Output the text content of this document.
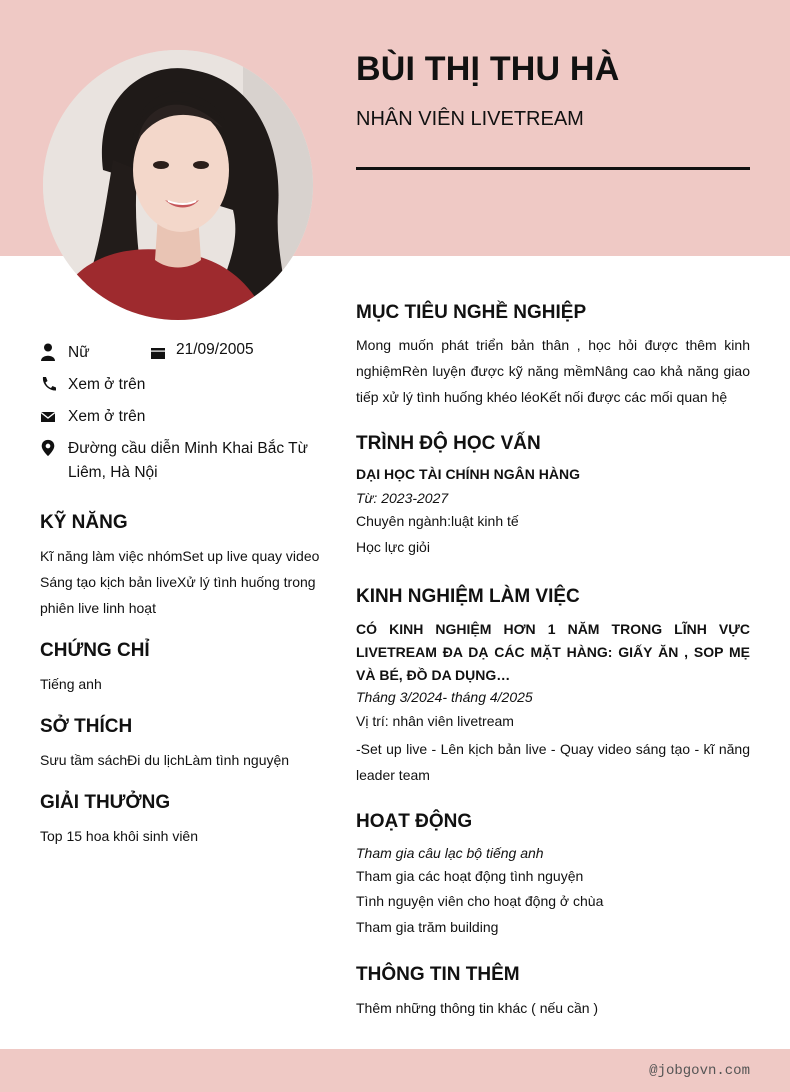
BÙI THỊ THU HÀ
NHÂN VIÊN LIVETREAM
Nữ	21/09/2005
Xem ở trên
Xem ở trên
Đường cầu diễn Minh Khai Bắc Từ Liêm, Hà Nội
KỸ NĂNG
Kĩ năng làm việc nhómSet up live quay video Sáng tạo kịch bản liveXử lý tình huống trong phiên live linh hoạt
CHỨNG CHỈ
Tiếng anh
SỞ THÍCH
Sưu tầm sáchĐi du lịchLàm tình nguyện
GIẢI THƯỞNG
Top 15 hoa khôi sinh viên
MỤC TIÊU NGHỀ NGHIỆP
Mong muốn phát triển bản thân , học hỏi được thêm kinh nghiệmRèn luyện được kỹ năng mềmNâng cao khả năng giao tiếp xử lý tình huống khéo léoKết nối được các mối quan hệ
TRÌNH ĐỘ HỌC VẤN
DẠI HỌC TÀI CHÍNH NGÂN HÀNG
Từ: 2023-2027
Chuyên ngành:luật kinh tế
Học lực giỏi
KINH NGHIỆM LÀM VIỆC
CÓ KINH NGHIỆM HƠN 1 NĂM TRONG LĨNH VỰC LIVETREAM ĐA DẠ CÁC MẶT HÀNG: GIẤY ĂN , SOP MẸ VÀ BÉ, ĐỒ DA DỤNG…
Tháng 3/2024- tháng 4/2025
Vị trí: nhân viên livetream
-Set up live - Lên kịch bản live - Quay video sáng tạo - kĩ năng leader team
HOẠT ĐỘNG
Tham gia câu lạc bộ tiếng anh
Tham gia các hoạt động tình nguyện
Tình nguyện viên cho hoạt động ở chùa
Tham gia trăm building
THÔNG TIN THÊM
Thêm những thông tin khác ( nếu cần )
@jobgovn.com
